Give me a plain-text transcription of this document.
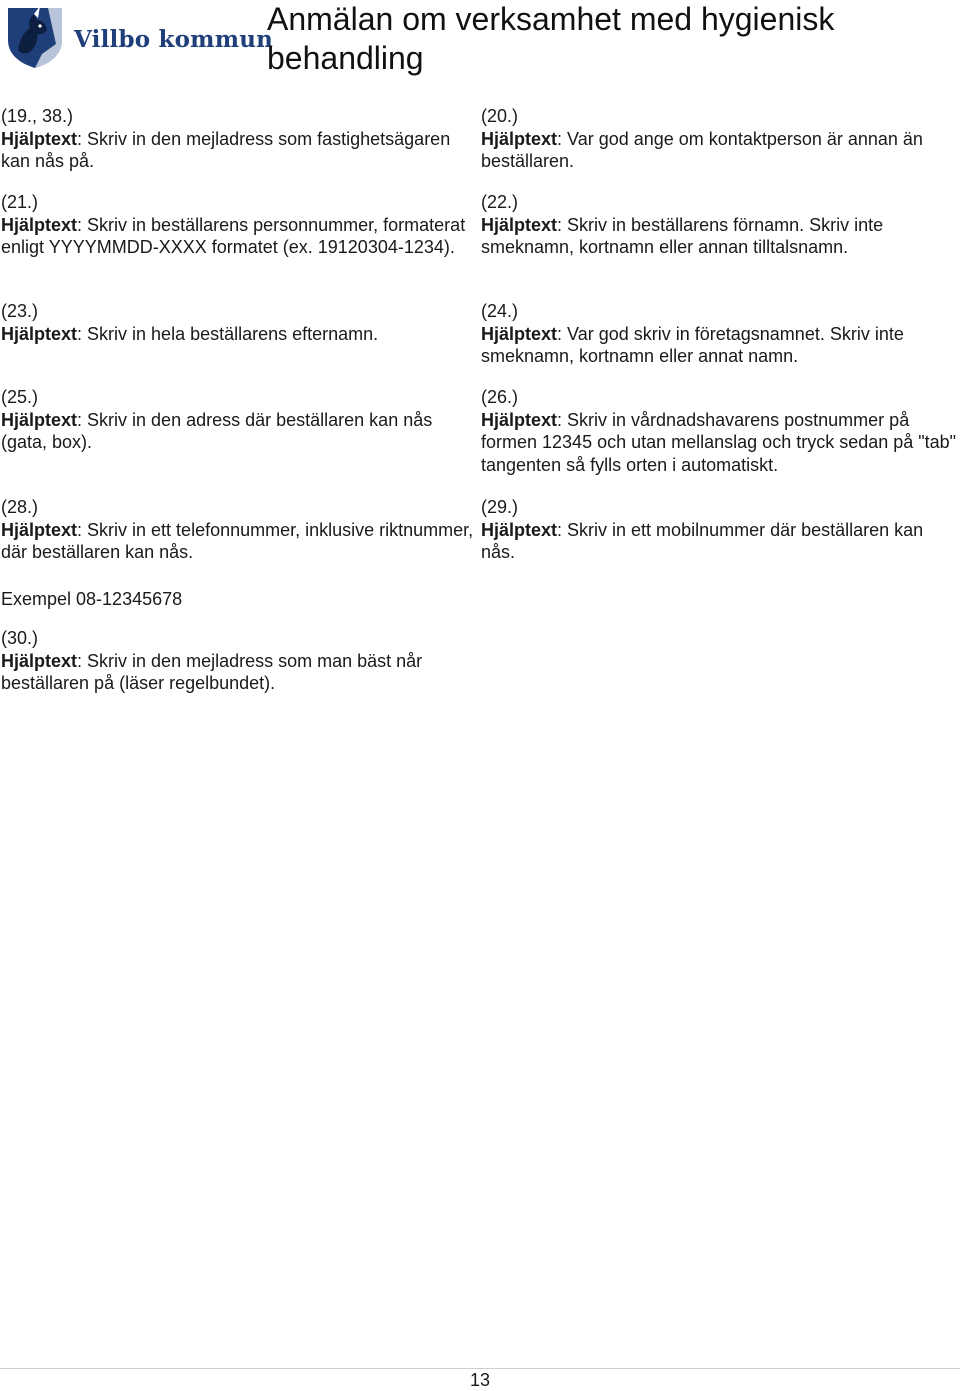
Villbo kommun
Anmälan om verksamhet med hygienisk behandling
(19., 38.)
Hjälptext: Skriv in den mejladress som fastighetsägaren kan nås på.
(20.)
Hjälptext: Var god ange om kontaktperson är annan än beställaren.
(21.)
Hjälptext: Skriv in beställarens personnummer, formaterat enligt YYYYMMDD-XXXX formatet (ex. 19120304-1234).
(22.)
Hjälptext: Skriv in beställarens förnamn. Skriv inte smeknamn, kortnamn eller annan tilltalsnamn.
(23.)
Hjälptext: Skriv in hela beställarens efternamn.
(24.)
Hjälptext: Var god skriv in företagsnamnet. Skriv inte smeknamn, kortnamn eller annat namn.
(25.)
Hjälptext: Skriv in den adress där beställaren kan nås (gata, box).
(26.)
Hjälptext: Skriv in vårdnadshavarens postnummer på formen 12345 och utan mellanslag och tryck sedan på "tab" tangenten så fylls orten i automatiskt.
(28.)
Hjälptext: Skriv in ett telefonnummer, inklusive riktnummer, där beställaren kan nås.
(29.)
Hjälptext: Skriv in ett mobilnummer där beställaren kan nås.
Exempel 08-12345678
(30.)
Hjälptext: Skriv in den mejladress som man bäst når beställaren på (läser regelbundet).
13
